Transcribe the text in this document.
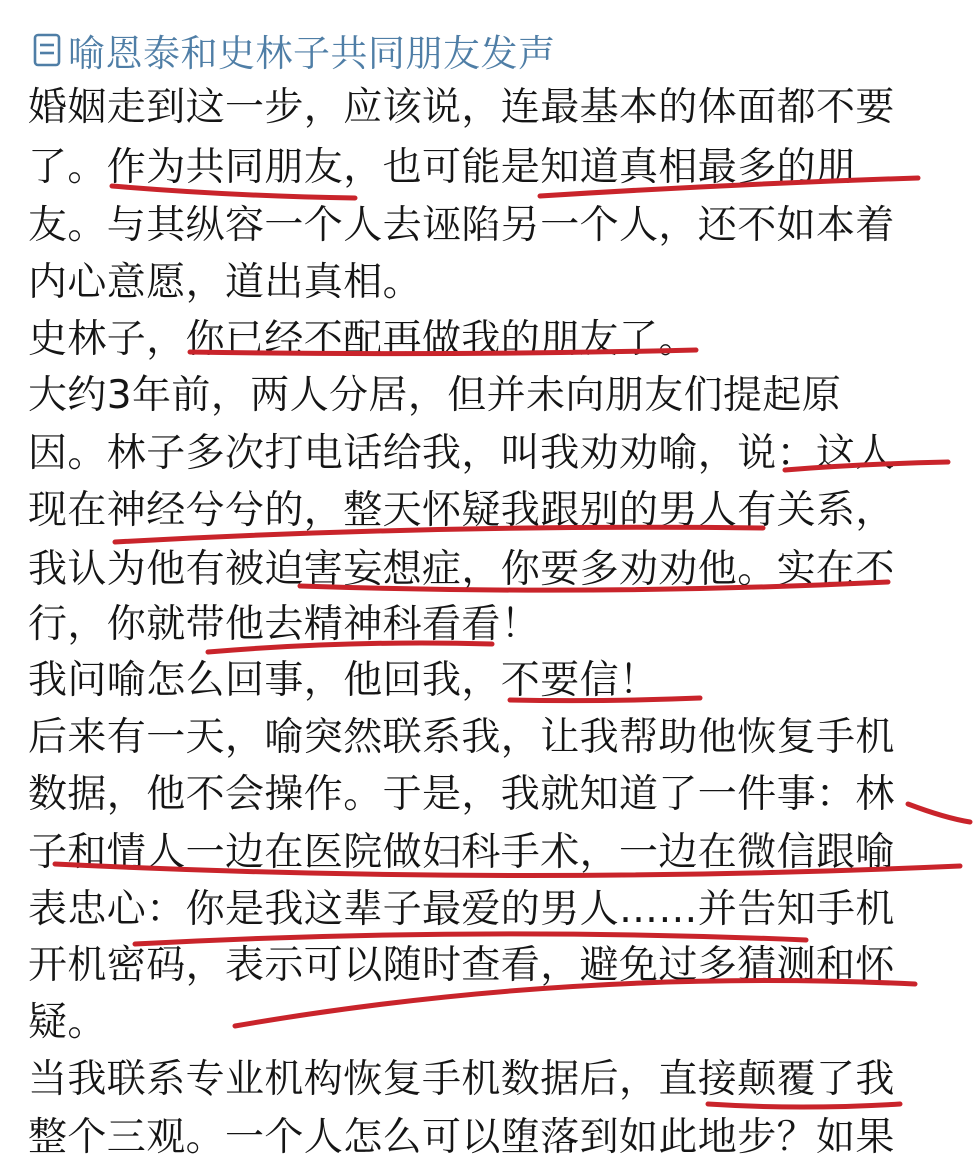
喻恩泰和史林子共同朋友发声
婚姻走到这一步，应该说，连最基本的体面都不要
了。作为共同朋友，也可能是知道真相最多的朋
友。与其纵容一个人去诬陷另一个人，还不如本着
内心意愿，道出真相。
史林子，你已经不配再做我的朋友了。
大约3年前，两人分居，但并未向朋友们提起原
因。林子多次打电话给我，叫我劝劝喻，说：这人
现在神经兮兮的，整天怀疑我跟别的男人有关系，
我认为他有被迫害妄想症，你要多劝劝他。实在不
行，你就带他去精神科看看！
我问喻怎么回事，他回我，不要信！
后来有一天，喻突然联系我，让我帮助他恢复手机
数据，他不会操作。于是，我就知道了一件事：林
子和情人一边在医院做妇科手术，一边在微信跟喻
表忠心：你是我这辈子最爱的男人……并告知手机
开机密码，表示可以随时查看，避免过多猜测和怀
疑。
当我联系专业机构恢复手机数据后，直接颠覆了我
整个三观。一个人怎么可以堕落到如此地步？如果
